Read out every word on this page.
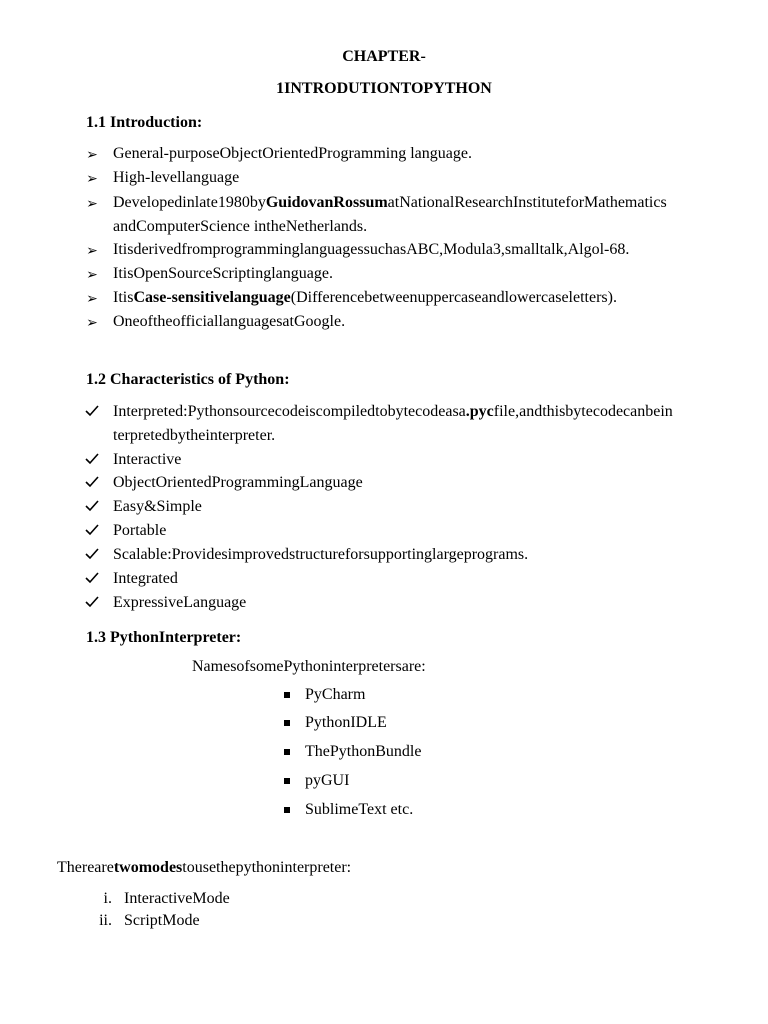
CHAPTER-
1INTRODUTIONTOPYTHON
1.1 Introduction:
➢ General-purposeObjectOrientedProgramming language.
➢ High-levellanguage
➢ Developedinlate1980byGuidovanRossumatNationalResearchInstituteforMathematics
andComputerScience intheNetherlands.
➢ ItisderivedfromprogramminglanguagessuchasABC,Modula3,smalltalk,Algol-68.
➢ ItisOpenSourceScriptinglanguage.
➢ ItisCase-sensitivelanguage(Differencebetweenuppercaseandlowercaseletters).
➢ OneoftheofficiallanguagesatGoogle.
1.2 Characteristics of Python:
Interpreted:Pythonsourcecodeiscompiledtobytecodeasa.pycfile,andthisbytecodecanbein
terpretedbytheinterpreter.
Interactive
ObjectOrientedProgrammingLanguage
Easy&Simple
Portable
Scalable:Providesimprovedstructureforsupportinglargeprograms.
Integrated
ExpressiveLanguage
1.3 PythonInterpreter:
NamesofsomePythoninterpretersare:
PyCharm
PythonIDLE
ThePythonBundle
pyGUI
SublimeText etc.
Therearetwomodestousethepythoninterpreter:
i. InteractiveMode
ii. ScriptMode
